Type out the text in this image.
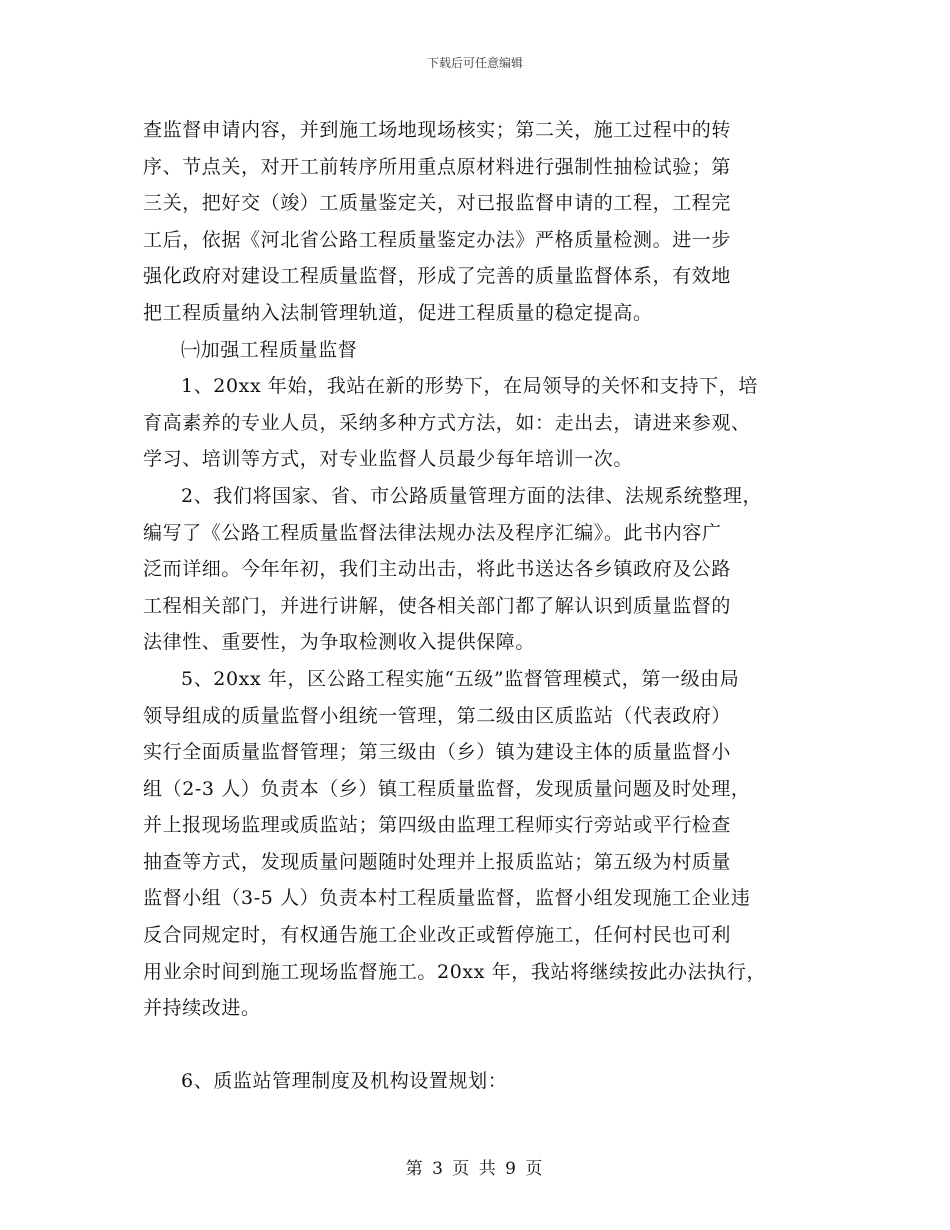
下载后可任意编辑
查监督申请内容，并到施工场地现场核实；第二关，施工过程中的转
序、节点关，对开工前转序所用重点原材料进行强制性抽检试验；第
三关，把好交（竣）工质量鉴定关，对已报监督申请的工程，工程完
工后，依据《河北省公路工程质量鉴定办法》严格质量检测。进一步
强化政府对建设工程质量监督，形成了完善的质量监督体系，有效地
把工程质量纳入法制管理轨道，促进工程质量的稳定提高。
㈠加强工程质量监督
1、20xx 年始，我站在新的形势下，在局领导的关怀和支持下，培
育高素养的专业人员，采纳多种方式方法，如：走出去，请进来参观、
学习、培训等方式，对专业监督人员最少每年培训一次。
2、我们将国家、省、市公路质量管理方面的法律、法规系统整理，
编写了《公路工程质量监督法律法规办法及程序汇编》。此书内容广
泛而详细。今年年初，我们主动出击，将此书送达各乡镇政府及公路
工程相关部门，并进行讲解，使各相关部门都了解认识到质量监督的
法律性、重要性，为争取检测收入提供保障。
5、20xx 年，区公路工程实施“五级”监督管理模式，第一级由局
领导组成的质量监督小组统一管理，第二级由区质监站（代表政府）
实行全面质量监督管理；第三级由（乡）镇为建设主体的质量监督小
组（2-3 人）负责本（乡）镇工程质量监督，发现质量问题及时处理，
并上报现场监理或质监站；第四级由监理工程师实行旁站或平行检查
抽查等方式，发现质量问题随时处理并上报质监站；第五级为村质量
监督小组（3-5 人）负责本村工程质量监督，监督小组发现施工企业违
反合同规定时，有权通告施工企业改正或暂停施工，任何村民也可利
用业余时间到施工现场监督施工。20xx 年，我站将继续按此办法执行，
并持续改进。
6、质监站管理制度及机构设置规划：
第 3 页 共 9 页
